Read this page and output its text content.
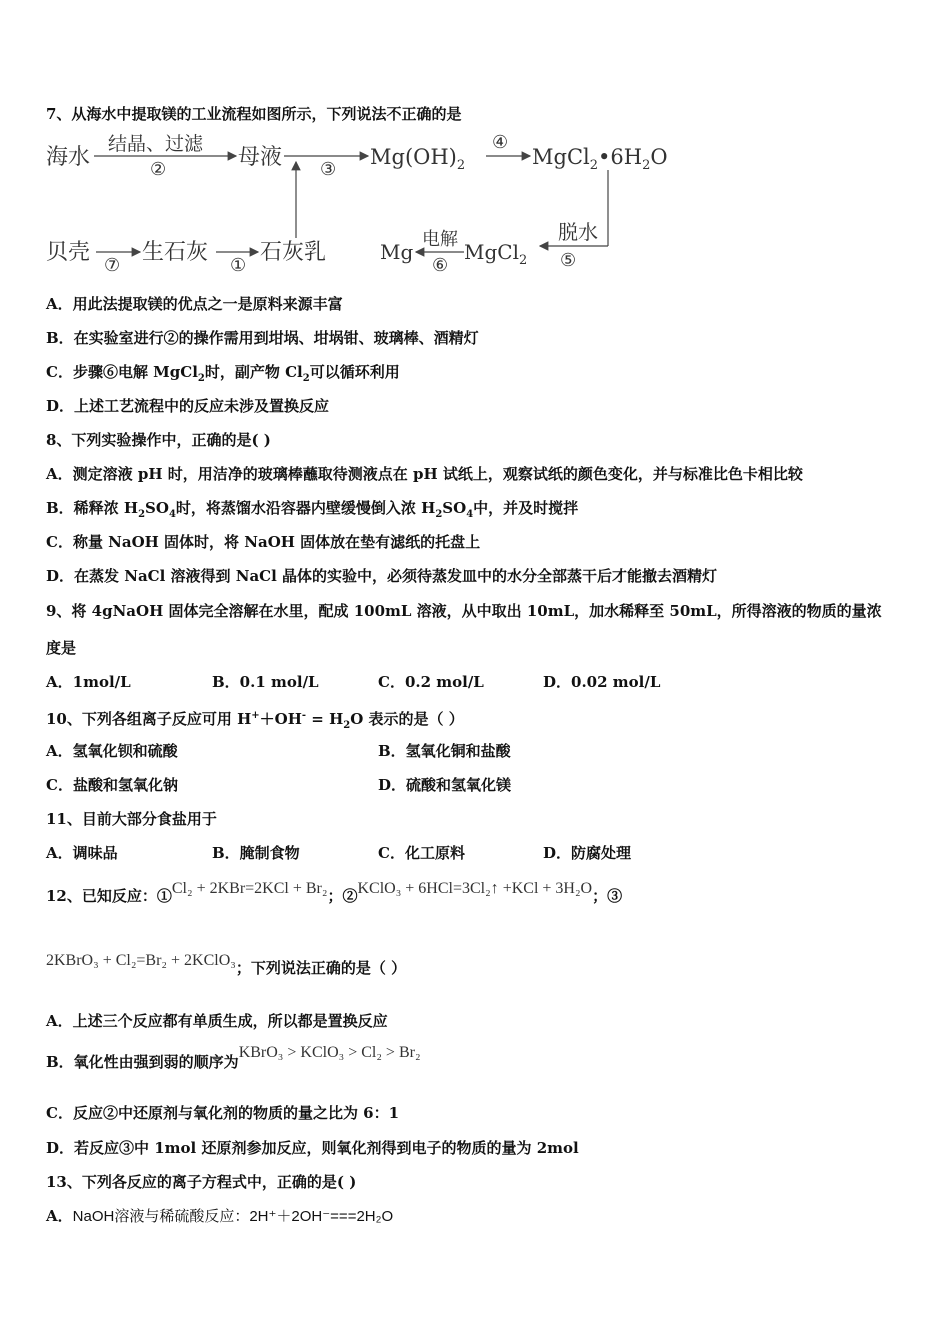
7、从海水中提取镁的工业流程如图所示，下列说法不正确的是
海水
结晶、过滤
②	母液 ③
$Mg(OH)_2$
④
$MgCl_2•6H_2O$
贝壳
⑦
生石灰
①
石灰乳	Mg
电解
⑥
MgCl$_2$
脱水
⑤
A．用此法提取镁的优点之一是原料来源丰富
B．在实验室进行②的操作需用到坩埚、坩埚钳、玻璃棒、酒精灯
C．步骤⑥电解 MgCl$_2$时，副产物 $Cl_2$可以循环利用
D．上述工艺流程中的反应未涉及置换反应
8、下列实验操作中，正确的是( )
A．测定溶液 pH 时，用洁净的玻璃棒蘸取待测液点在 pH 试纸上，观察试纸的颜色变化，并与标准比色卡相比较
B．稀释浓 $H_2SO_4$时，将蒸馏水沿容器内壁缓慢倒入浓 $H_2SO_4$中，并及时搅拌
C．称量 NaOH 固体时，将 NaOH 固体放在垫有滤纸的托盘上
D．在蒸发 NaCl 溶液得到 NaCl 晶体的实验中，必须待蒸发皿中的水分全部蒸干后才能撤去酒精灯
9、将 4gNaOH 固体完全溶解在水里，配成 100mL 溶液，从中取出 10mL，加水稀释至 50mL，所得溶液的物质的量浓
度是
A．1mol/L	B．0.1 mol/L	C．0.2 mol/L	D．0.02 mol/L
10、下列各组离子反应可用 $H^++OH^- = H_2O$ 表示的是（ ）
A．氢氧化钡和硫酸	B．氢氧化铜和盐酸
C．盐酸和氢氧化钠	D．硫酸和氢氧化镁
11、目前大部分食盐用于
A．调味品	B．腌制食物	C．化工原料	D．防腐处理
12、已知反应：①Cl₂ + 2KBr=2KCl + Br₂；②KClO₃ + 6HCl=3Cl₂↑ +KCl + 3H₂O；③
2KBrO₃ + Cl₂=Br₂ + 2KClO₃；下列说法正确的是（ ）
A．上述三个反应都有单质生成，所以都是置换反应
B．氧化性由强到弱的顺序为KBrO₃ > KClO₃ > Cl₂ > Br₂
C．反应②中还原剂与氧化剂的物质的量之比为 6：1
D．若反应③中 1mol 还原剂参加反应，则氧化剂得到电子的物质的量为 2mol
13、下列各反应的离子方程式中，正确的是( )
A．NaOH溶液与稀硫酸反应：2H⁺＋2OH⁻===2H₂O
